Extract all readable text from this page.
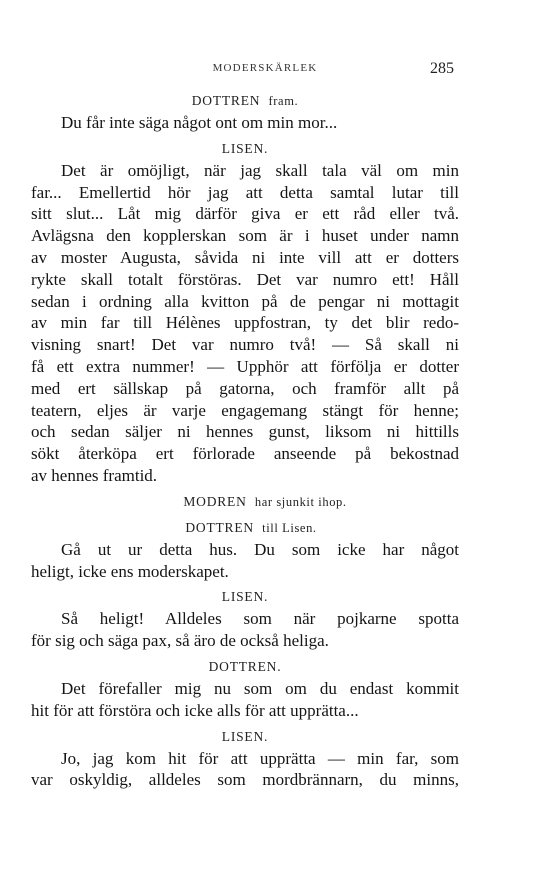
MODERSKÄRLEK	285
DOTTREN fram.
Du får inte säga något ont om min mor...
LISEN.
Det är omöjligt, när jag skall tala väl om min
far... Emellertid hör jag att detta samtal lutar till
sitt slut... Låt mig därför giva er ett råd eller två.
Avlägsna den kopplerskan som är i huset under namn
av moster Augusta, såvida ni inte vill att er dotters
rykte skall totalt förstöras. Det var numro ett! Håll
sedan i ordning alla kvitton på de pengar ni mottagit
av min far till Hélènes uppfostran, ty det blir redo-
visning snart! Det var numro två! — Så skall ni
få ett extra nummer! — Upphör att förfölja er dotter
med ert sällskap på gatorna, och framför allt på
teatern, eljes är varje engagemang stängt för henne;
och sedan säljer ni hennes gunst, liksom ni hittills
sökt återköpa ert förlorade anseende på bekostnad
av hennes framtid.
MODREN har sjunkit ihop.
DOTTREN till Lisen.
Gå ut ur detta hus. Du som icke har något
heligt, icke ens moderskapet.
LISEN.
Så heligt! Alldeles som när pojkarne spotta
för sig och säga pax, så äro de också heliga.
DOTTREN.
Det förefaller mig nu som om du endast kommit
hit för att förstöra och icke alls för att upprätta...
LISEN.
Jo, jag kom hit för att upprätta — min far, som
var oskyldig, alldeles som mordbrännarn, du minns,
